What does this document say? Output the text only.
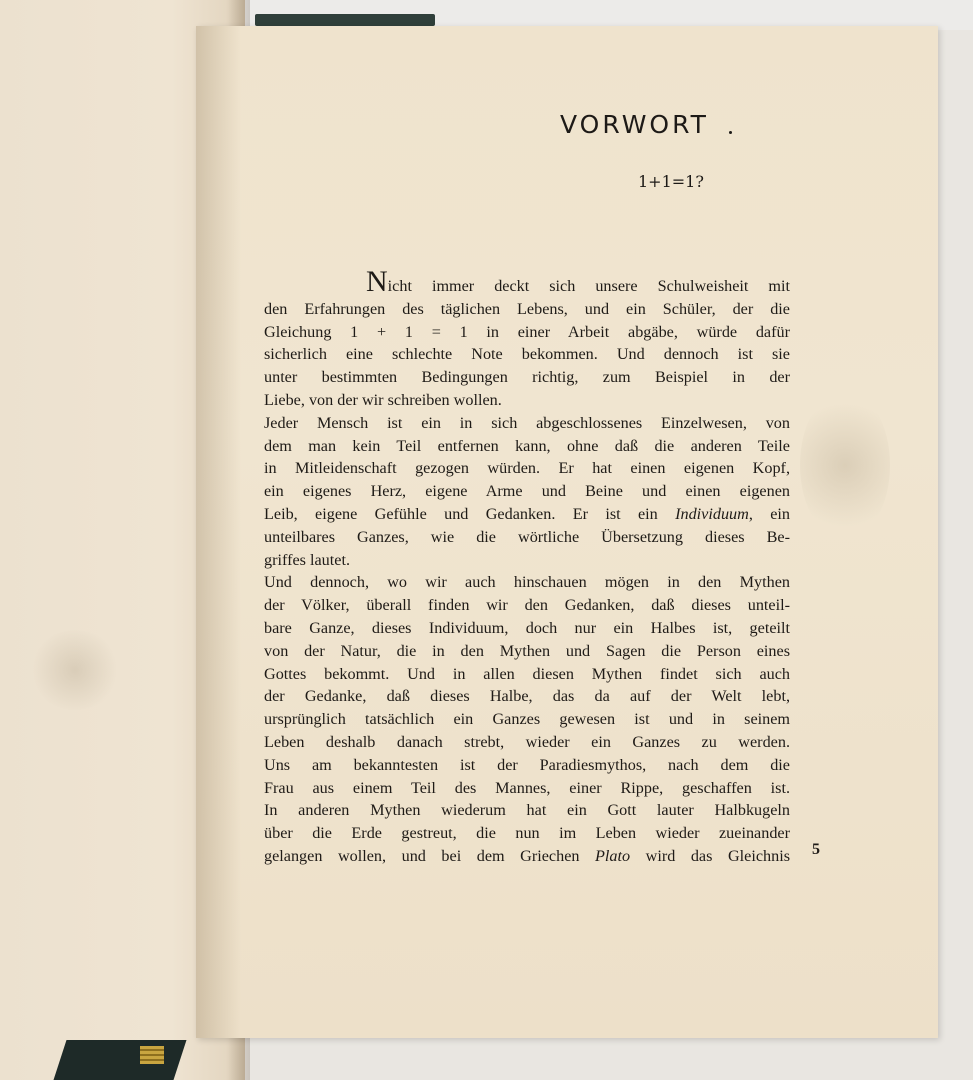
VORWORT

1+1=1?

Nicht immer deckt sich unsere Schulweisheit mit
den Erfahrungen des täglichen Lebens, und ein Schüler, der die
Gleichung 1 + 1 = 1 in einer Arbeit abgäbe, würde dafür
sicherlich eine schlechte Note bekommen. Und dennoch ist sie
unter bestimmten Bedingungen richtig, zum Beispiel in der
Liebe, von der wir schreiben wollen.
Jeder Mensch ist ein in sich abgeschlossenes Einzelwesen, von
dem man kein Teil entfernen kann, ohne daß die anderen Teile
in Mitleidenschaft gezogen würden. Er hat einen eigenen Kopf,
ein eigenes Herz, eigene Arme und Beine und einen eigenen
Leib, eigene Gefühle und Gedanken. Er ist ein Individuum, ein
unteilbares Ganzes, wie die wörtliche Übersetzung dieses Be-
griffes lautet.
Und dennoch, wo wir auch hinschauen mögen in den Mythen
der Völker, überall finden wir den Gedanken, daß dieses unteil-
bare Ganze, dieses Individuum, doch nur ein Halbes ist, geteilt
von der Natur, die in den Mythen und Sagen die Person eines
Gottes bekommt. Und in allen diesen Mythen findet sich auch
der Gedanke, daß dieses Halbe, das da auf der Welt lebt,
ursprünglich tatsächlich ein Ganzes gewesen ist und in seinem
Leben deshalb danach strebt, wieder ein Ganzes zu werden.
Uns am bekanntesten ist der Paradiesmythos, nach dem die
Frau aus einem Teil des Mannes, einer Rippe, geschaffen ist.
In anderen Mythen wiederum hat ein Gott lauter Halbkugeln
über die Erde gestreut, die nun im Leben wieder zueinander
gelangen wollen, und bei dem Griechen Plato wird das Gleichnis 5
